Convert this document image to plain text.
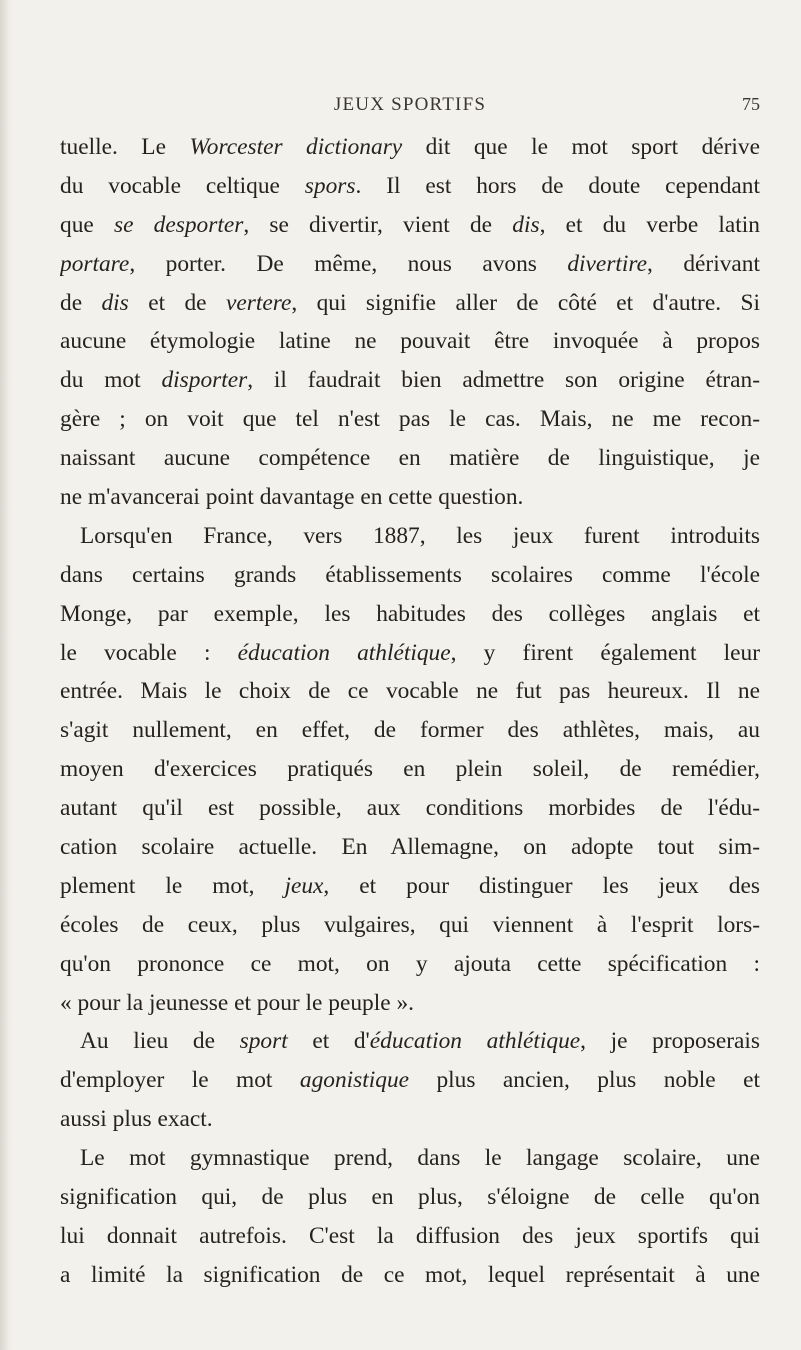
JEUX SPORTIFS	75
tuelle. Le Worcester dictionary dit que le mot sport dérive
du vocable celtique spors. Il est hors de doute cependant
que se desporter, se divertir, vient de dis, et du verbe latin
portare, porter. De même, nous avons divertire, dérivant
de dis et de vertere, qui signifie aller de côté et d'autre. Si
aucune étymologie latine ne pouvait être invoquée à propos
du mot disporter, il faudrait bien admettre son origine étran-
gère ; on voit que tel n'est pas le cas. Mais, ne me recon-
naissant aucune compétence en matière de linguistique, je
ne m'avancerai point davantage en cette question.
Lorsqu'en France, vers 1887, les jeux furent introduits
dans certains grands établissements scolaires comme l'école
Monge, par exemple, les habitudes des collèges anglais et
le vocable : éducation athlétique, y firent également leur
entrée. Mais le choix de ce vocable ne fut pas heureux. Il ne
s'agit nullement, en effet, de former des athlètes, mais, au
moyen d'exercices pratiqués en plein soleil, de remédier,
autant qu'il est possible, aux conditions morbides de l'édu-
cation scolaire actuelle. En Allemagne, on adopte tout sim-
plement le mot, jeux, et pour distinguer les jeux des
écoles de ceux, plus vulgaires, qui viennent à l'esprit lors-
qu'on prononce ce mot, on y ajouta cette spécification :
« pour la jeunesse et pour le peuple ».
Au lieu de sport et d'éducation athlétique, je proposerais
d'employer le mot agonistique plus ancien, plus noble et
aussi plus exact.
Le mot gymnastique prend, dans le langage scolaire, une
signification qui, de plus en plus, s'éloigne de celle qu'on
lui donnait autrefois. C'est la diffusion des jeux sportifs qui
a limité la signification de ce mot, lequel représentait à une
